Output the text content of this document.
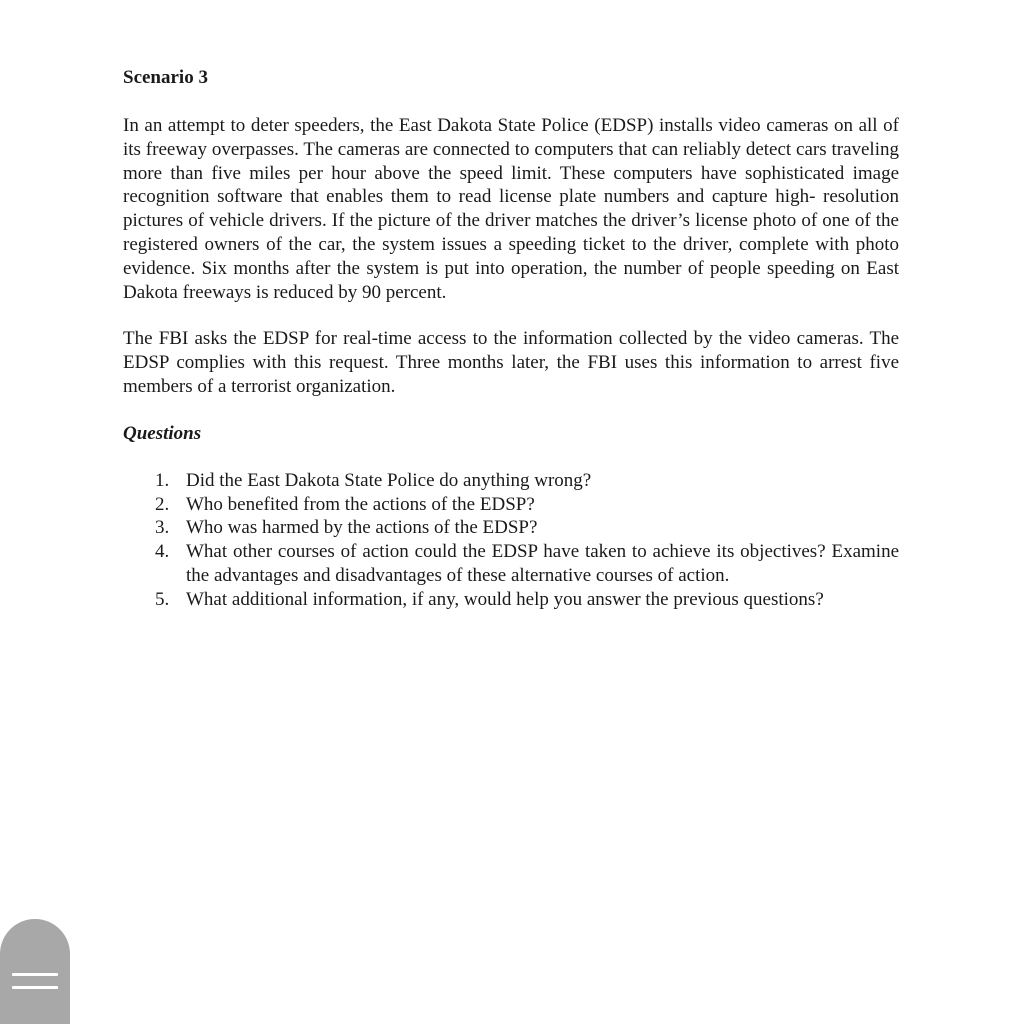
Scenario 3

In an attempt to deter speeders, the East Dakota State Police (EDSP) installs video cameras on all of its freeway overpasses. The cameras are connected to computers that can reliably detect cars traveling more than five miles per hour above the speed limit. These computers have sophisticated image recognition software that enables them to read license plate numbers and capture high- resolution pictures of vehicle drivers. If the picture of the driver matches the driver’s license photo of one of the registered owners of the car, the system issues a speeding ticket to the driver, complete with photo evidence. Six months after the system is put into operation, the number of people speeding on East Dakota freeways is reduced by 90 percent.

The FBI asks the EDSP for real-time access to the information collected by the video cameras. The EDSP complies with this request. Three months later, the FBI uses this information to arrest five members of a terrorist organization.

Questions
1. Did the East Dakota State Police do anything wrong?
2. Who benefited from the actions of the EDSP?
3. Who was harmed by the actions of the EDSP?
4. What other courses of action could the EDSP have taken to achieve its objectives? Examine the advantages and disadvantages of these alternative courses of action.
5. What additional information, if any, would help you answer the previous questions?
